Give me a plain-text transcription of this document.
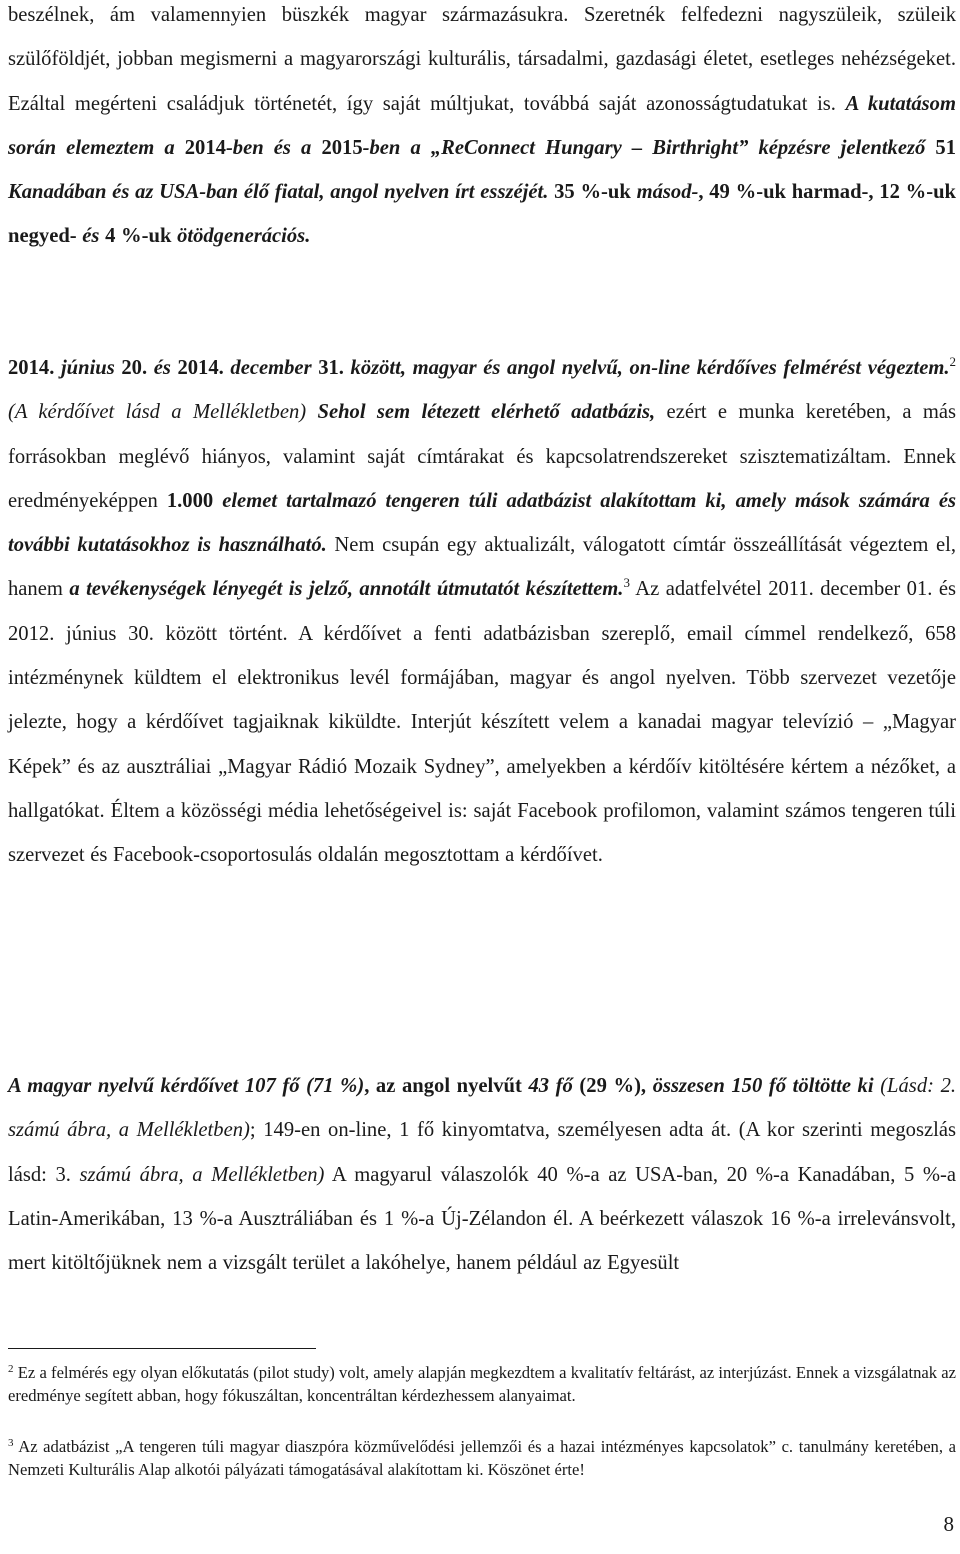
beszélnek, ám valamennyien büszkék magyar származásukra. Szeretnék felfedezni nagyszüleik, szüleik szülőföldjét, jobban megismerni a magyarországi kulturális, társadalmi, gazdasági életet, esetleges nehézségeket. Ezáltal megérteni családjuk történetét, így saját múltjukat, továbbá saját azonosságtudatukat is. A kutatásom során elemeztem a 2014-ben és a 2015-ben a „ReConnect Hungary – Birthright” képzésre jelentkező 51 Kanadában és az USA-ban élő fiatal, angol nyelven írt esszéjét. 35 %-uk másod-, 49 %-uk harmad-, 12 %-uk negyed- és 4 %-uk ötödgenerációs.

2014. június 20. és 2014. december 31. között, magyar és angol nyelvű, on-line kérdőíves felmérést végeztem.$^2$ (A kérdőívet lásd a Mellékletben) Sehol sem létezett elérhető adatbázis, ezért e munka keretében, a más forrásokban meglévő hiányos, valamint saját címtárakat és kapcsolatrendszereket szisztematizáltam. Ennek eredményeképpen 1.000 elemet tartalmazó tengeren túli adatbázist alakítottam ki, amely mások számára és további kutatásokhoz is használható. Nem csupán egy aktualizált, válogatott címtár összeállítását végeztem el, hanem a tevékenységek lényegét is jelző, annotált útmutatót készítettem.$^3$ Az adatfelvétel 2011. december 01. és 2012. június 30. között történt. A kérdőívet a fenti adatbázisban szereplő, email címmel rendelkező, 658 intézménynek küldtem el elektronikus levél formájában, magyar és angol nyelven. Több szervezet vezetője jelezte, hogy a kérdőívet tagjaiknak kiküldte. Interjút készített velem a kanadai magyar televízió – „Magyar Képek” és az ausztráliai „Magyar Rádió Mozaik Sydney”, amelyekben a kérdőív kitöltésére kértem a nézőket, a hallgatókat. Éltem a közösségi média lehetőségeivel is: saját Facebook profilomon, valamint számos tengeren túli szervezet és Facebook-csoportosulás oldalán megosztottam a kérdőívet.

A magyar nyelvű kérdőívet 107 fő (71 %), az angol nyelvűt 43 fő (29 %), összesen 150 fő töltötte ki (Lásd: 2. számú ábra, a Mellékletben); 149-en on-line, 1 fő kinyomtatva, személyesen adta át. (A kor szerinti megoszlás lásd: 3. számú ábra, a Mellékletben) A magyarul válaszolók 40 %-a az USA-ban, 20 %-a Kanadában, 5 %-a Latin-Amerikában, 13 %-a Ausztráliában és 1 %-a Új-Zélandon él. A beérkezett válaszok 16 %-a irrelevánsvolt, mert kitöltőjüknek nem a vizsgált terület a lakóhelye, hanem például az Egyesült

$^2$ Ez a felmérés egy olyan előkutatás (pilot study) volt, amely alapján megkezdtem a kvalitatív feltárást, az interjúzást. Ennek a vizsgálatnak az eredménye segített abban, hogy fókuszáltan, koncentráltan kérdezhessem alanyaimat.

$^3$ Az adatbázist „A tengeren túli magyar diaszpóra közművelődési jellemzői és a hazai intézményes kapcsolatok” c. tanulmány keretében, a Nemzeti Kulturális Alap alkotói pályázati támogatásával alakítottam ki. Köszönet érte!

8
